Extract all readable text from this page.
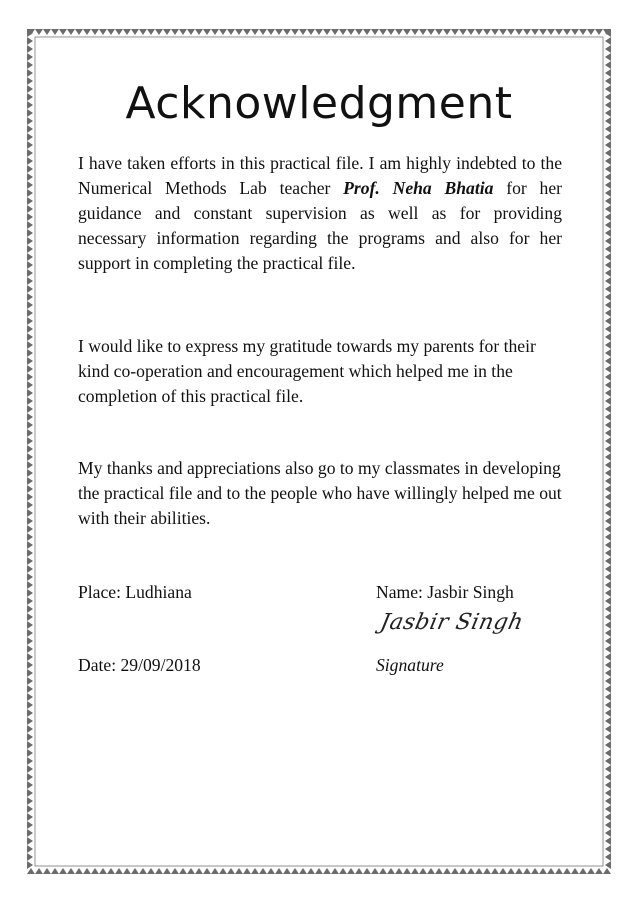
Acknowledgment

I have taken efforts in this practical file. I am highly indebted to the Numerical Methods Lab teacher Prof. Neha Bhatia for her guidance and constant supervision as well as for providing necessary information regarding the programs and also for her support in completing the practical file.

I would like to express my gratitude towards my parents for their kind co-operation and encouragement which helped me in the completion of this practical file.

My thanks and appreciations also go to my classmates in developing the practical file and to the people who have willingly helped me out with their abilities.

Place: Ludhiana	Name: Jasbir Singh
Jasbir Singh
Date: 29/09/2018	Signature
